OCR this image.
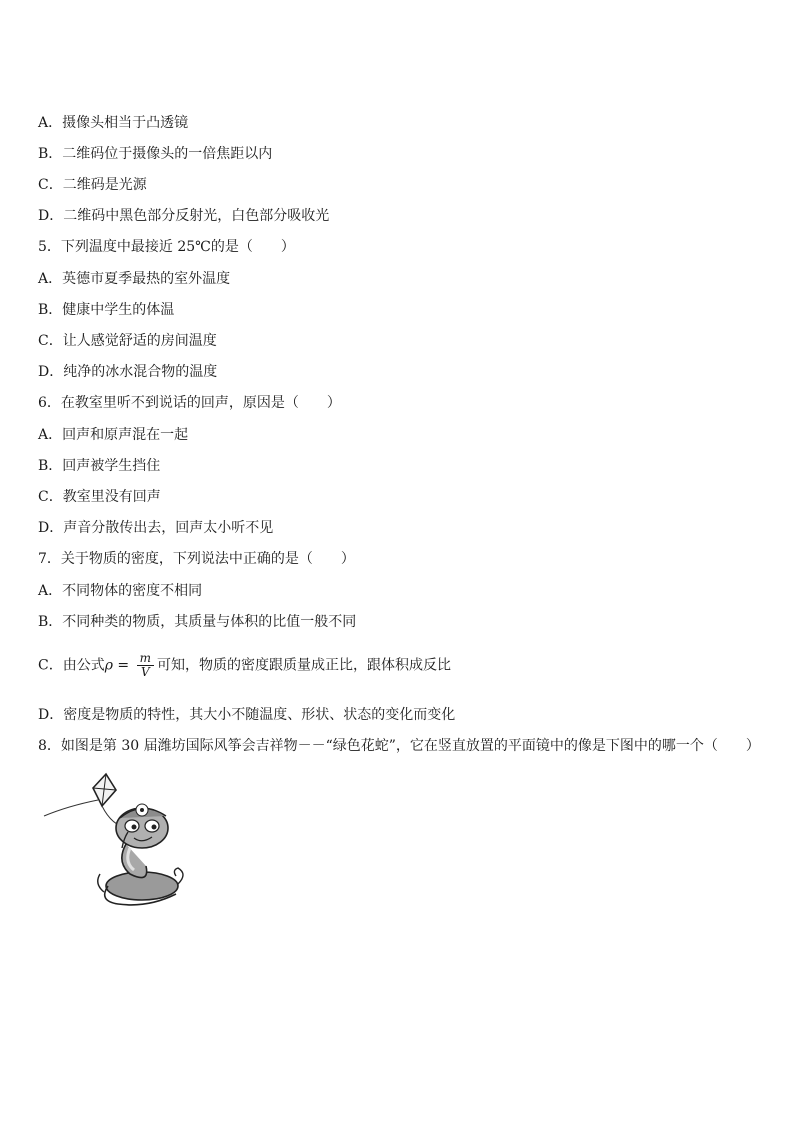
A．摄像头相当于凸透镜
B．二维码位于摄像头的一倍焦距以内
C．二维码是光源
D．二维码中黑色部分反射光，白色部分吸收光
5．下列温度中最接近 25℃的是（　　）
A．英德市夏季最热的室外温度
B．健康中学生的体温
C．让人感觉舒适的房间温度
D．纯净的冰水混合物的温度
6．在教室里听不到说话的回声，原因是（　　）
A．回声和原声混在一起
B．回声被学生挡住
C．教室里没有回声
D．声音分散传出去，回声太小听不见
7．关于物质的密度，下列说法中正确的是（　　）
A．不同物体的密度不相同
B．不同种类的物质，其质量与体积的比值一般不同
C．由公式$\rho = \frac{m}{V}$ 可知，物质的密度跟质量成正比，跟体积成反比
D．密度是物质的特性，其大小不随温度、形状、状态的变化而变化
8．如图是第 30 届潍坊国际风筝会吉祥物－－“绿色花蛇”，它在竖直放置的平面镜中的像是下图中的哪一个（　　）
